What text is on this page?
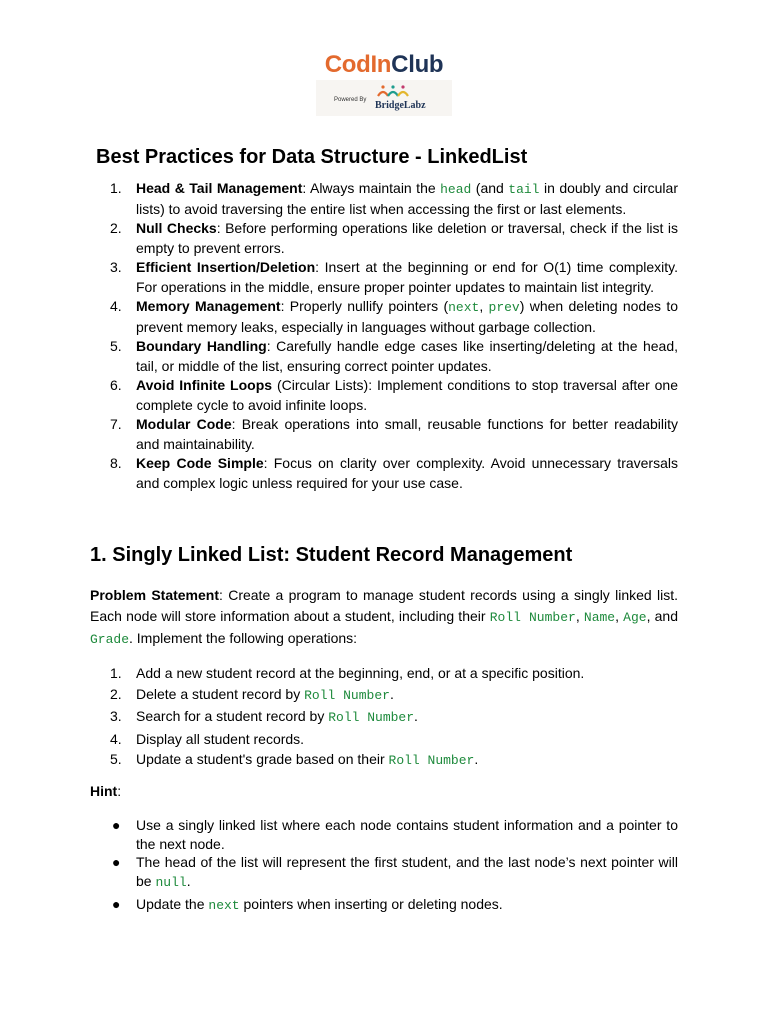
CodInClub
Powered By BridgeLabz
Best Practices for Data Structure - LinkedList
1. Head & Tail Management: Always maintain the head (and tail in doubly and circular lists) to avoid traversing the entire list when accessing the first or last elements.
2. Null Checks: Before performing operations like deletion or traversal, check if the list is empty to prevent errors.
3. Efficient Insertion/Deletion: Insert at the beginning or end for O(1) time complexity. For operations in the middle, ensure proper pointer updates to maintain list integrity.
4. Memory Management: Properly nullify pointers (next, prev) when deleting nodes to prevent memory leaks, especially in languages without garbage collection.
5. Boundary Handling: Carefully handle edge cases like inserting/deleting at the head, tail, or middle of the list, ensuring correct pointer updates.
6. Avoid Infinite Loops (Circular Lists): Implement conditions to stop traversal after one complete cycle to avoid infinite loops.
7. Modular Code: Break operations into small, reusable functions for better readability and maintainability.
8. Keep Code Simple: Focus on clarity over complexity. Avoid unnecessary traversals and complex logic unless required for your use case.
1. Singly Linked List: Student Record Management

Problem Statement: Create a program to manage student records using a singly linked list. Each node will store information about a student, including their Roll Number, Name, Age, and Grade. Implement the following operations:

1. Add a new student record at the beginning, end, or at a specific position.
2. Delete a student record by Roll Number.
3. Search for a student record by Roll Number.
4. Display all student records.
5. Update a student's grade based on their Roll Number.

Hint:

● Use a singly linked list where each node contains student information and a pointer to the next node.
● The head of the list will represent the first student, and the last node’s next pointer will be null.
● Update the next pointers when inserting or deleting nodes.
